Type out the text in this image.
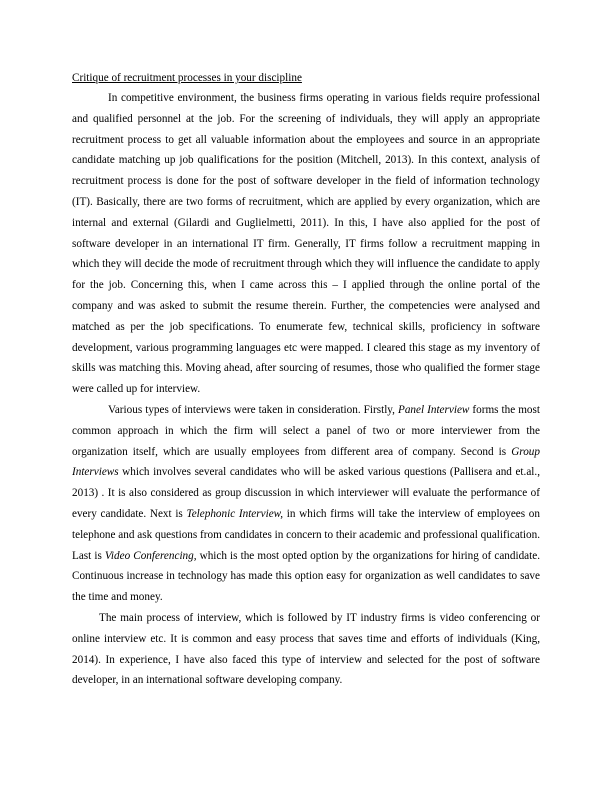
Critique of recruitment processes in your discipline

In competitive environment, the business firms operating in various fields require professional and qualified personnel at the job. For the screening of individuals, they will apply an appropriate recruitment process to get all valuable information about the employees and source in an appropriate candidate matching up job qualifications for the position (Mitchell, 2013). In this context, analysis of recruitment process is done for the post of software developer in the field of information technology (IT). Basically, there are two forms of recruitment, which are applied by every organization, which are internal and external (Gilardi and Guglielmetti, 2011). In this, I have also applied for the post of software developer in an international IT firm. Generally, IT firms follow a recruitment mapping in which they will decide the mode of recruitment through which they will influence the candidate to apply for the job. Concerning this, when I came across this – I applied through the online portal of the company and was asked to submit the resume therein. Further, the competencies were analysed and matched as per the job specifications. To enumerate few, technical skills, proficiency in software development, various programming languages etc were mapped. I cleared this stage as my inventory of skills was matching this. Moving ahead, after sourcing of resumes, those who qualified the former stage were called up for interview.

Various types of interviews were taken in consideration. Firstly, Panel Interview forms the most common approach in which the firm will select a panel of two or more interviewer from the organization itself, which are usually employees from different area of company. Second is Group Interviews which involves several candidates who will be asked various questions (Pallisera and et.al., 2013) . It is also considered as group discussion in which interviewer will evaluate the performance of every candidate. Next is Telephonic Interview, in which firms will take the interview of employees on telephone and ask questions from candidates in concern to their academic and professional qualification. Last is Video Conferencing, which is the most opted option by the organizations for hiring of candidate. Continuous increase in technology has made this option easy for organization as well candidates to save the time and money.

The main process of interview, which is followed by IT industry firms is video conferencing or online interview etc. It is common and easy process that saves time and efforts of individuals (King, 2014). In experience, I have also faced this type of interview and selected for the post of software developer, in an international software developing company.
